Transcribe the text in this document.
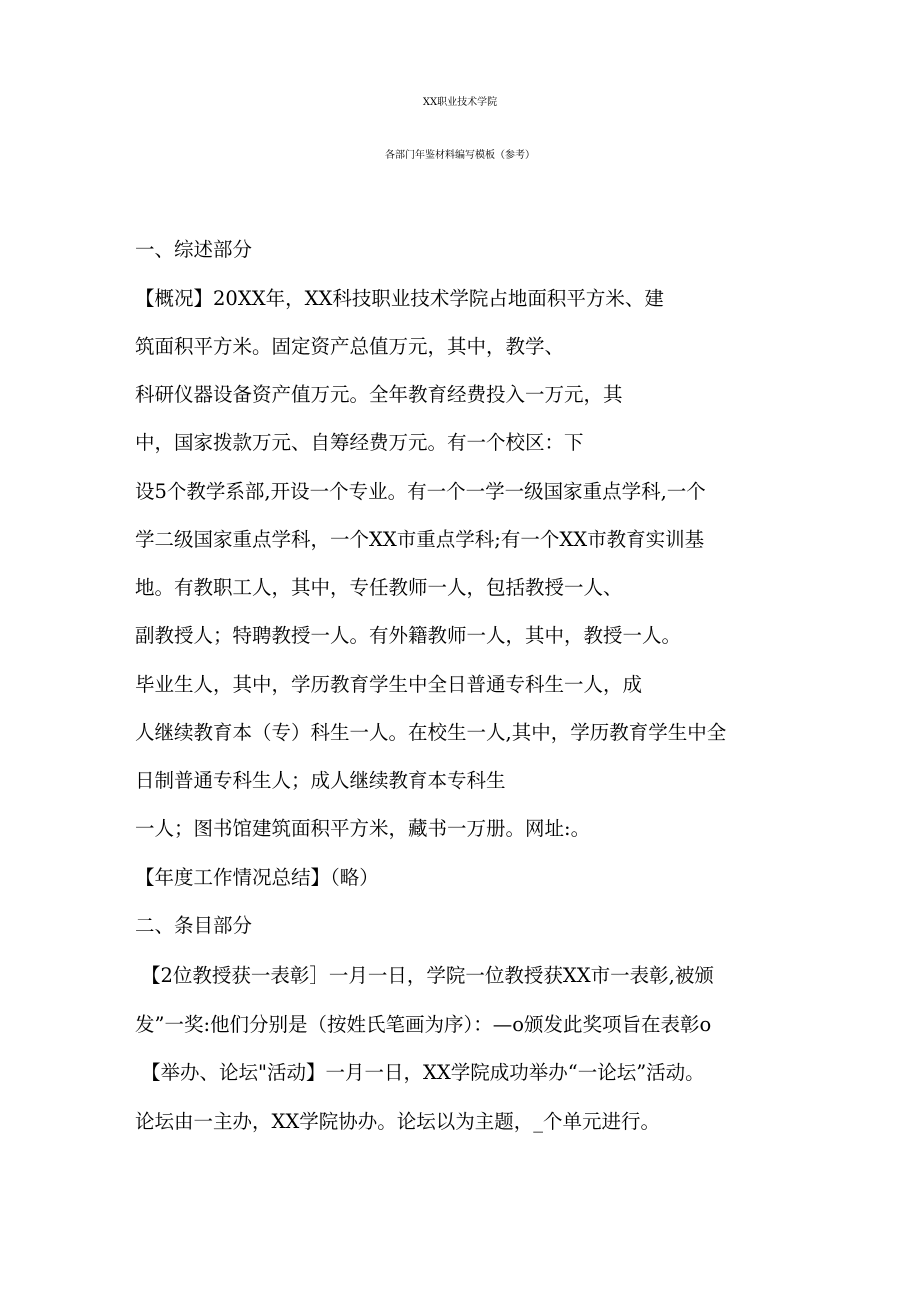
XX职业技术学院
各部门年鉴材料编写模板（参考）
一、综述部分
【概况】20XX年，XX科技职业技术学院占地面积平方米、建
筑面积平方米。固定资产总值万元，其中，教学、
科研仪器设备资产值万元。全年教育经费投入一万元，其
中，国家拨款万元、自筹经费万元。有一个校区：下
设5个教学系部,开设一个专业。有一个一学一级国家重点学科,一个
学二级国家重点学科，一个XX市重点学科;有一个XX市教育实训基
地。有教职工人，其中，专任教师一人，包括教授一人、
副教授人；特聘教授一人。有外籍教师一人，其中，教授一人。
毕业生人，其中，学历教育学生中全日普通专科生一人，成
人继续教育本（专）科生一人。在校生一人,其中，学历教育学生中全
日制普通专科生人；成人继续教育本专科生
一人；图书馆建筑面积平方米，藏书一万册。网址:。
【年度工作情况总结】（略）
二、条目部分
【2位教授获一表彰］一月一日，学院一位教授获XX市一表彰,被颁
发”一奖:他们分别是（按姓氏笔画为序）：—o颁发此奖项旨在表彰o
【举办、论坛"活动】一月一日，XX学院成功举办“一论坛”活动。
论坛由一主办，XX学院协办。论坛以为主题，_个单元进行。
